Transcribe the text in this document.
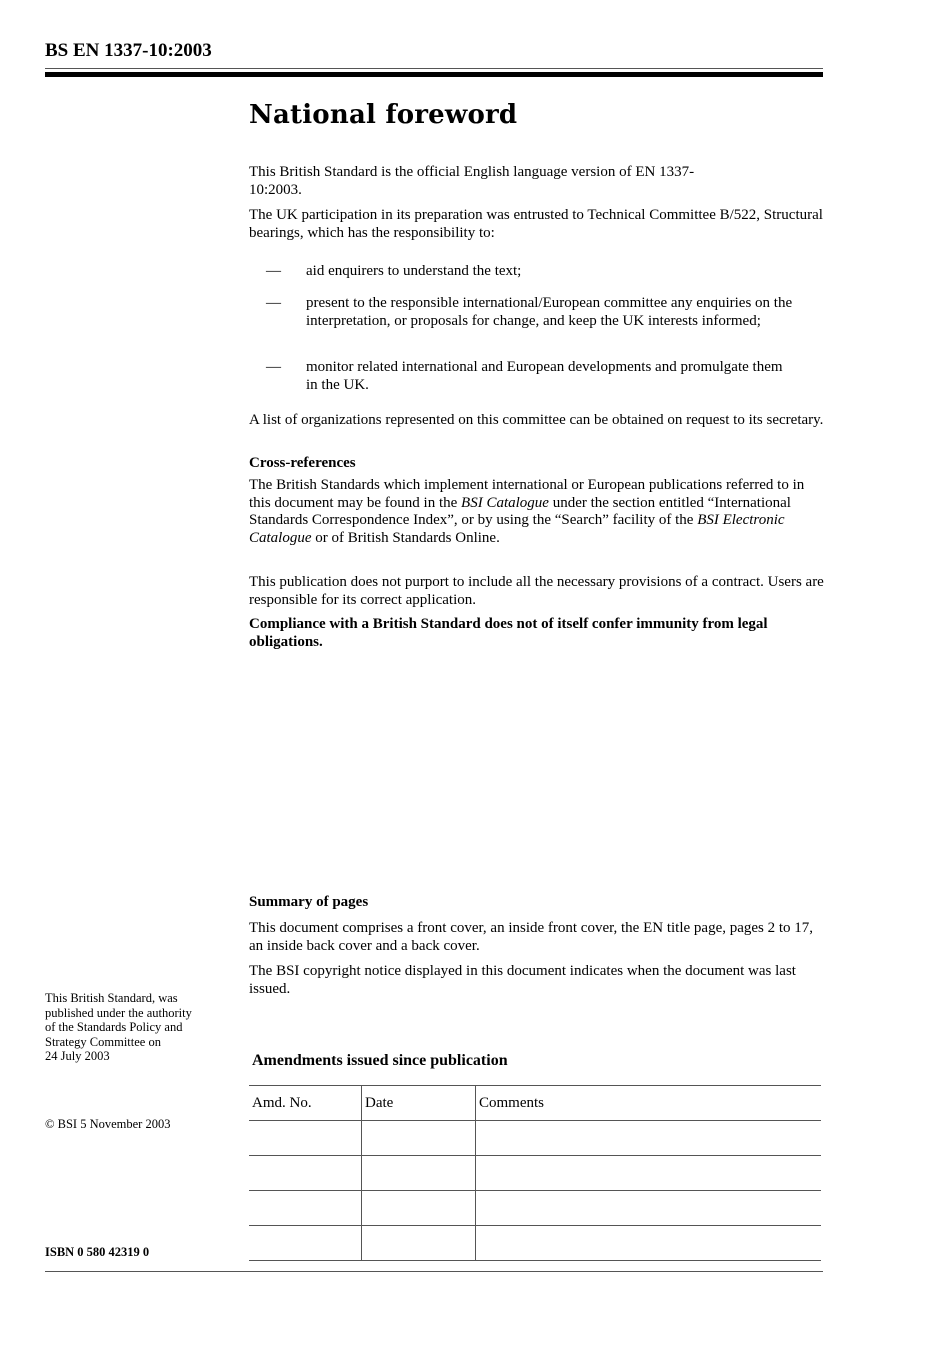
BS EN 1337-10:2003
National foreword

This British Standard is the official English language version of EN 1337-10:2003.

The UK participation in its preparation was entrusted to Technical Committee B/522, Structural bearings, which has the responsibility to:

—	aid enquirers to understand the text;
—	present to the responsible international/European committee any enquiries on the interpretation, or proposals for change, and keep the UK interests informed;
—	monitor related international and European developments and promulgate them in the UK.

A list of organizations represented on this committee can be obtained on request to its secretary.

Cross-references

The British Standards which implement international or European publications referred to in this document may be found in the BSI Catalogue under the section entitled “International Standards Correspondence Index”, or by using the “Search” facility of the BSI Electronic Catalogue or of British Standards Online.

This publication does not purport to include all the necessary provisions of a contract. Users are responsible for its correct application.

Compliance with a British Standard does not of itself confer immunity from legal obligations.
Summary of pages

This document comprises a front cover, an inside front cover, the EN title page, pages 2 to 17, an inside back cover and a back cover.

The BSI copyright notice displayed in this document indicates when the document was last issued.

This British Standard, was
published under the authority
of the Standards Policy and
Strategy Committee on
24 July 2003
© BSI 5 November 2003
ISBN 0 580 42319 0
Amendments issued since publication
Amd. No.	Date	Comments
